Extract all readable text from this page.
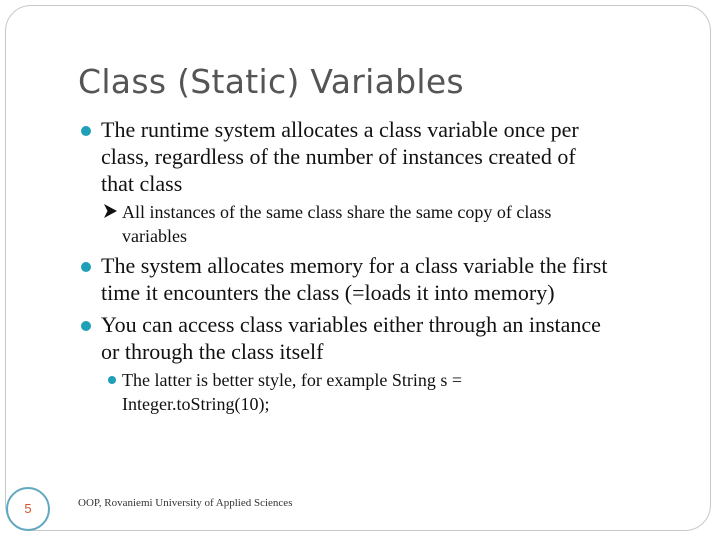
Class (Static) Variables
The runtime system allocates a class variable once per
class, regardless of the number of instances created of
that class
All instances of the same class share the same copy of class
variables
The system allocates memory for a class variable the first
time it encounters the class (=loads it into memory)
You can access class variables either through an instance
or through the class itself
The latter is better style, for example String s =
Integer.toString(10);
5	OOP, Rovaniemi University of Applied Sciences
